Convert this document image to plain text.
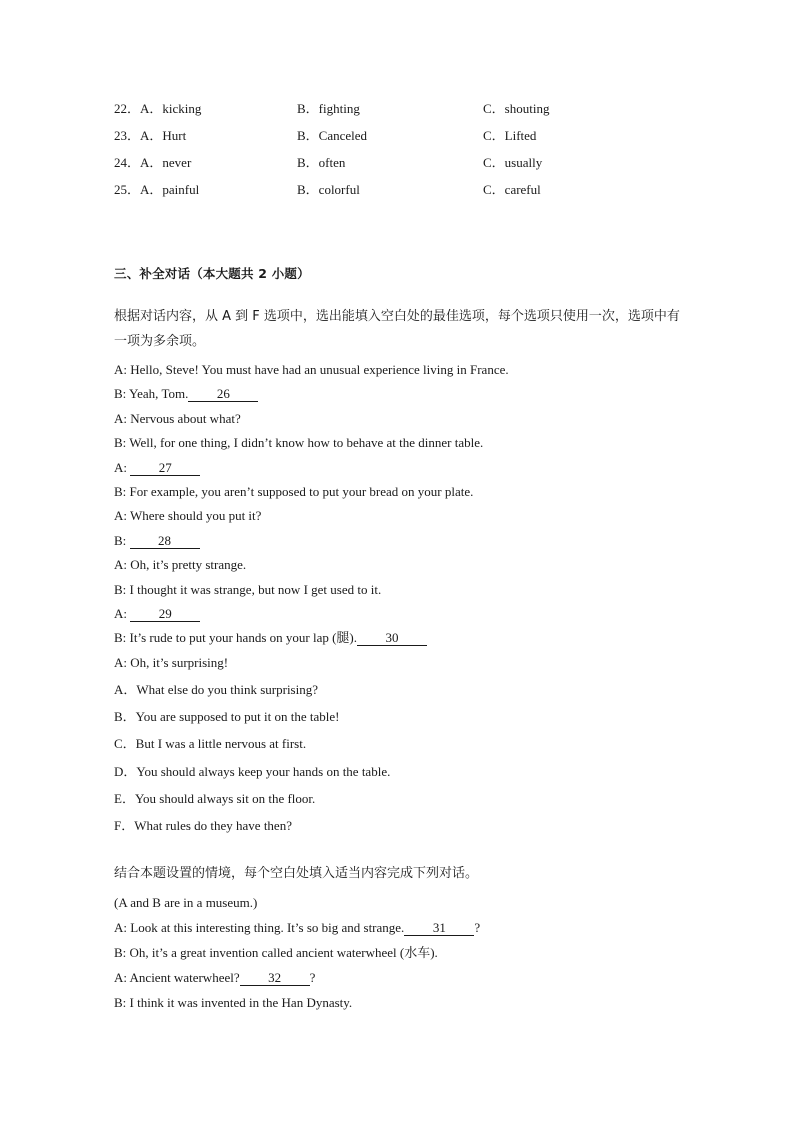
22．A．kicking	B．fighting	C．shouting
23．A．Hurt	B．Canceled	C．Lifted
24．A．never	B．often	C．usually
25．A．painful	B．colorful	C．careful
三、补全对话（本大题共 2 小题）
根据对话内容，从 A 到 F 选项中，选出能填入空白处的最佳选项，每个选项只使用一次，选项中有一项为多余项。
A: Hello, Steve! You must have had an unusual experience living in France.
B: Yeah, Tom. 26
A: Nervous about what?
B: Well, for one thing, I didn’t know how to behave at the dinner table.
A: 27
B: For example, you aren’t supposed to put your bread on your plate.
A: Where should you put it?
B: 28
A: Oh, it’s pretty strange.
B: I thought it was strange, but now I get used to it.
A: 29
B: It’s rude to put your hands on your lap (腿). 30
A: Oh, it’s surprising!
A．What else do you think surprising?
B．You are supposed to put it on the table!
C．But I was a little nervous at first.
D．You should always keep your hands on the table.
E．You should always sit on the floor.
F．What rules do they have then?
结合本题设置的情境，每个空白处填入适当内容完成下列对话。
(A and B are in a museum.)
A: Look at this interesting thing. It’s so big and strange. 31 ?
B: Oh, it’s a great invention called ancient waterwheel (水车).
A: Ancient waterwheel? 32 ?
B: I think it was invented in the Han Dynasty.
